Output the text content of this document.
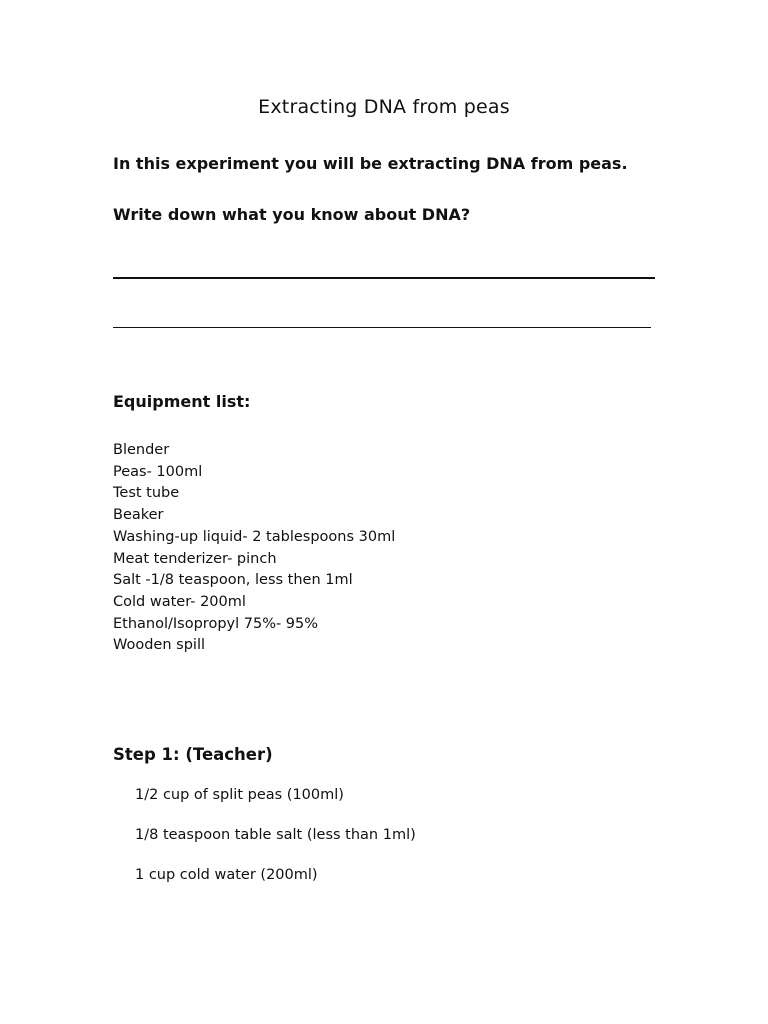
Extracting DNA from peas
In this experiment you will be extracting DNA from peas.
Write down what you know about DNA?
Equipment list:
Blender
Peas- 100ml
Test tube
Beaker
Washing-up liquid- 2 tablespoons 30ml
Meat tenderizer- pinch
Salt -1/8 teaspoon, less then 1ml
Cold water- 200ml
Ethanol/Isopropyl 75%- 95%
Wooden spill
Step 1: (Teacher)
1/2 cup of split peas (100ml)
1/8 teaspoon table salt (less than 1ml)
1 cup cold water (200ml)
